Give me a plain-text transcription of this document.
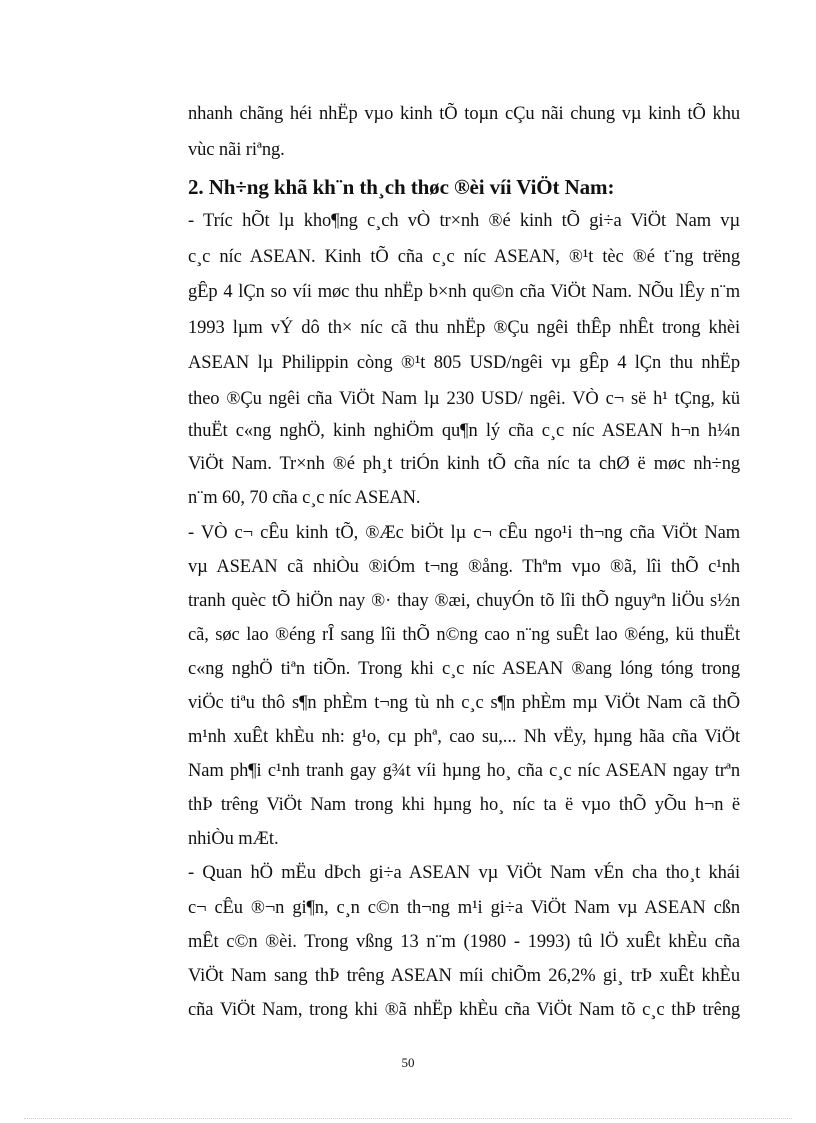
nhanh chãng héi nhËp vµo kinh tÕ toµn cÇu nãi chung vµ kinh tÕ khu
vùc nãi riªng.
2. Nh÷ng khã kh¨n th¸ch thøc ®èi víi ViÖt Nam:
- Tríc hÕt lµ kho¶ng c¸ch vÒ tr×nh ®é kinh tÕ gi÷a ViÖt Nam vµ
c¸c níc ASEAN. Kinh tÕ cña c¸c níc ASEAN, ®¹t tèc ®é t¨ng trëng
gÊp 4 lÇn so víi møc thu nhËp b×nh qu©n cña ViÖt Nam. NÕu lÊy n¨m
1993 lµm vÝ dô th× níc cã thu nhËp ®Çu ngêi thÊp nhÊt trong khèi
ASEAN lµ Philippin còng ®¹t 805 USD/ngêi vµ gÊp 4 lÇn thu nhËp
theo ®Çu ngêi cña ViÖt Nam lµ 230 USD/ ngêi. VÒ c¬ së h¹ tÇng, kü
thuËt c«ng nghÖ, kinh nghiÖm qu¶n lý cña c¸c níc ASEAN h¬n h¼n
ViÖt Nam. Tr×nh ®é ph¸t triÓn kinh tÕ cña níc ta chØ ë møc nh÷ng
n¨m 60, 70 cña c¸c níc ASEAN.
- VÒ c¬ cÊu kinh tÕ, ®Æc biÖt lµ c¬ cÊu ngo¹i th¬ng cña ViÖt Nam
vµ ASEAN cã nhiÒu ®iÓm t¬ng ®ång. Thªm vµo ®ã, lîi thÕ c¹nh
tranh quèc tÕ hiÖn nay ®· thay ®æi, chuyÓn tõ lîi thÕ nguyªn liÖu s½n
cã, søc lao ®éng rÎ sang lîi thÕ n©ng cao n¨ng suÊt lao ®éng, kü thuËt
c«ng nghÖ tiªn tiÕn. Trong khi c¸c níc ASEAN ®ang lóng tóng trong
viÖc tiªu thô s¶n phÈm t¬ng tù nh c¸c s¶n phÈm mµ ViÖt Nam cã thÕ
m¹nh xuÊt khÈu nh: g¹o, cµ phª, cao su,... Nh vËy, hµng hãa cña ViÖt
Nam ph¶i c¹nh tranh gay g¾t víi hµng ho¸ cña c¸c níc ASEAN ngay trªn
thÞ trêng ViÖt Nam trong khi hµng ho¸ níc ta ë vµo thÕ yÕu h¬n ë
nhiÒu mÆt.
- Quan hÖ mËu dÞch gi÷a ASEAN vµ ViÖt Nam vÉn cha tho¸t khái
c¬ cÊu ®¬n gi¶n, c¸n c©n th¬ng m¹i gi÷a ViÖt Nam vµ ASEAN cßn
mÊt c©n ®èi. Trong vßng 13 n¨m (1980 - 1993) tû lÖ xuÊt khÈu cña
ViÖt Nam sang thÞ trêng ASEAN míi chiÕm 26,2% gi¸ trÞ xuÊt khÈu
cña ViÖt Nam, trong khi ®ã nhËp khÈu cña ViÖt Nam tõ c¸c thÞ trêng
50
